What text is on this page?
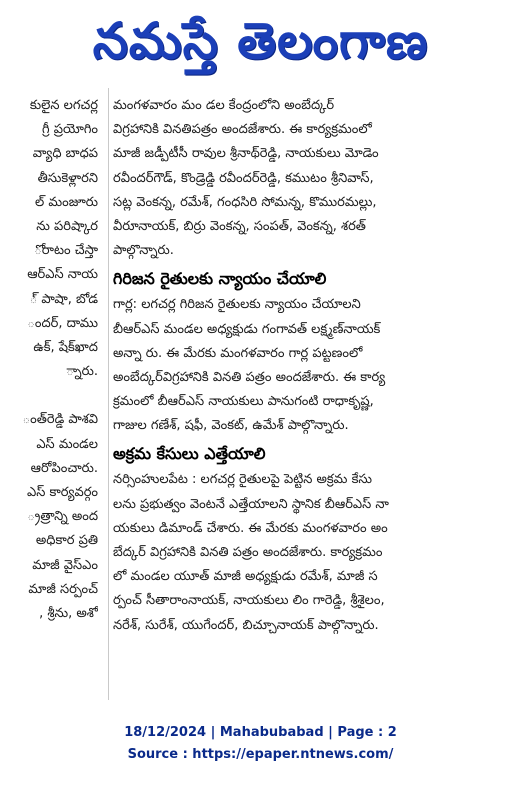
నమస్తే తెలంగాణ
కులైన లగచర్ల
గ్రీ ప్రయోగిం
వ్యాధి బాధప
తీసుకెళ్లారని
ల్ మంజూరు
ను పరిష్కార
ోరాటం చేస్తా
ఆర్ఎస్ నాయ
్ పాషా, బోడ
ందర్, దాము
ఉక్, షేక్‌ఖాద
్నారు.
ంత్‌రెడ్డి పాశవి
ఎస్ మండల
ఆరోపించారు.
ఎస్ కార్యవర్గం
్రత్రాన్ని అంద
అధికార ప్రతి
మాజీ వైస్ఎం
మాజీ సర్పంచ్
, శ్రీను, అశో
మంగళవారం మం డల కేంద్రంలోని అంబేద్కర్
విగ్రహానికి వినతిపత్రం అందజేశారు. ఈ కార్యక్రమంలో
మాజీ జడ్పీటీసీ రావుల శ్రీనాథ్‌రెడ్డి, నాయకులు మోడెం
రవీందర్‌గౌడ్, కొండ్రెడ్డి రవీందర్‌రెడ్డి, కముటం శ్రీనివాస్,
సట్ల వెంకన్న, రమేశ్, గంధసిరి సోమన్న, కొమురమల్లు,
వీరూనాయక్, బిర్రు వెంకన్న, సంపత్, వెంకన్న, శరత్
పాల్గొన్నారు.
గిరిజన రైతులకు న్యాయం చేయాలి
గార్ల: లగచర్ల గిరిజన రైతులకు న్యాయం చేయాలని
బీఆర్ఎస్ మండల అధ్యక్షుడు గంగావత్ లక్ష్మణ్‌నాయక్
అన్నా రు. ఈ మేరకు మంగళవారం గార్ల పట్టణంలో
అంబేద్కర్‌విగ్రహానికి వినతి పత్రం అందజేశారు. ఈ కార్య
క్రమంలో బీఆర్ఎస్ నాయకులు పానుగంటి రాధాకృష్ణ,
గాజుల గణేశ్, షఫీ, వెంకట్, ఉమేశ్ పాల్గొన్నారు.
అక్రమ కేసులు ఎత్తేయాలి
నర్సింహులపేట : లగచర్ల రైతులపై పెట్టిన అక్రమ కేసు
లను ప్రభుత్వం వెంటనే ఎత్తేయాలని స్థానిక బీఆర్ఎస్ నా
యకులు డిమాండ్ చేశారు. ఈ మేరకు మంగళవారం అం
బేద్కర్ విగ్రహానికి వినతి పత్రం అందజేశారు. కార్యక్రమం
లో మండల యూత్ మాజీ అధ్యక్షుడు రమేశ్, మాజీ స
ర్పంచ్ సీతారాంనాయక్, నాయకులు లిం గారెడ్డి, శ్రీశైలం,
నరేశ్, సురేశ్, యుగేందర్, బిచ్చూనాయక్ పాల్గొన్నారు.
18/12/2024 | Mahabubabad | Page : 2
Source : https://epaper.ntnews.com/
